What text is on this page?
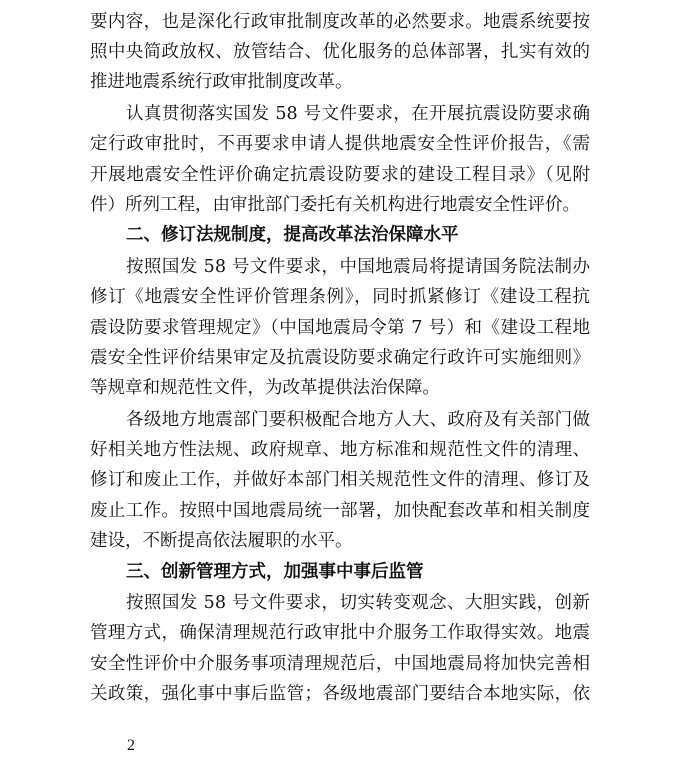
要内容，也是深化行政审批制度改革的必然要求。地震系统要按
照中央简政放权、放管结合、优化服务的总体部署，扎实有效的
推进地震系统行政审批制度改革。
认真贯彻落实国发 58 号文件要求，在开展抗震设防要求确
定行政审批时，不再要求申请人提供地震安全性评价报告，《需
开展地震安全性评价确定抗震设防要求的建设工程目录》（见附
件）所列工程，由审批部门委托有关机构进行地震安全性评价。
二、修订法规制度，提高改革法治保障水平
按照国发 58 号文件要求，中国地震局将提请国务院法制办
修订《地震安全性评价管理条例》，同时抓紧修订《建设工程抗
震设防要求管理规定》（中国地震局令第 7 号）和《建设工程地
震安全性评价结果审定及抗震设防要求确定行政许可实施细则》
等规章和规范性文件，为改革提供法治保障。
各级地方地震部门要积极配合地方人大、政府及有关部门做
好相关地方性法规、政府规章、地方标准和规范性文件的清理、
修订和废止工作，并做好本部门相关规范性文件的清理、修订及
废止工作。按照中国地震局统一部署，加快配套改革和相关制度
建设，不断提高依法履职的水平。
三、创新管理方式，加强事中事后监管
按照国发 58 号文件要求，切实转变观念、大胆实践，创新
管理方式，确保清理规范行政审批中介服务工作取得实效。地震
安全性评价中介服务事项清理规范后，中国地震局将加快完善相
关政策，强化事中事后监管；各级地震部门要结合本地实际，依
2
